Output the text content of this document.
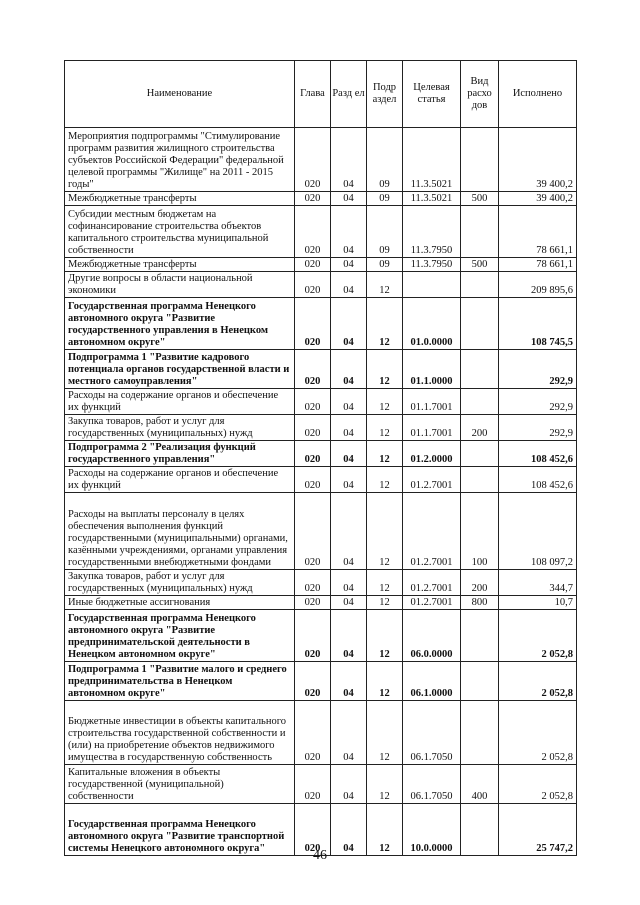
Наименование	Глава	Разд ел	Подр аздел	Целевая статья	Вид расхо дов	Исполнено
Мероприятия подпрограммы "Стимулирование программ развития жилищного строительства субъектов Российской Федерации" федеральной целевой программы "Жилище" на 2011 - 2015 годы"	020	04	09	11.3.5021		39 400,2
Межбюджетные трансферты	020	04	09	11.3.5021	500	39 400,2
Субсидии местным бюджетам на софинансирование строительства объектов капитального строительства муниципальной собственности	020	04	09	11.3.7950		78 661,1
Межбюджетные трансферты	020	04	09	11.3.7950	500	78 661,1
Другие вопросы в области национальной экономики	020	04	12			209 895,6
Государственная программа Ненецкого автономного округа "Развитие государственного управления в Ненецком автономном округе"	020	04	12	01.0.0000		108 745,5
Подпрограмма 1 "Развитие кадрового потенциала органов государственной власти и местного самоуправления"	020	04	12	01.1.0000		292,9
Расходы на содержание органов и обеспечение их функций	020	04	12	01.1.7001		292,9
Закупка товаров, работ и услуг для государственных (муниципальных) нужд	020	04	12	01.1.7001	200	292,9
Подпрограмма 2 "Реализация функций государственного управления"	020	04	12	01.2.0000		108 452,6
Расходы на содержание органов и обеспечение их функций	020	04	12	01.2.7001		108 452,6
Расходы на выплаты персоналу в целях обеспечения выполнения функций государственными (муниципальными) органами, казёнными учреждениями, органами управления государственными внебюджетными фондами	020	04	12	01.2.7001	100	108 097,2
Закупка товаров, работ и услуг для государственных (муниципальных) нужд	020	04	12	01.2.7001	200	344,7
Иные бюджетные ассигнования	020	04	12	01.2.7001	800	10,7
Государственная программа Ненецкого автономного округа "Развитие предпринимательской деятельности в Ненецком автономном округе"	020	04	12	06.0.0000		2 052,8
Подпрограмма 1 "Развитие малого и среднего предпринимательства в Ненецком автономном округе"	020	04	12	06.1.0000		2 052,8
Бюджетные инвестиции в объекты капитального строительства государственной собственности и (или) на приобретение объектов недвижимого имущества в государственную собственность	020	04	12	06.1.7050		2 052,8
Капитальные вложения в объекты государственной (муниципальной) собственности	020	04	12	06.1.7050	400	2 052,8
Государственная программа Ненецкого автономного округа "Развитие транспортной системы Ненецкого автономного округа"	020	04	12	10.0.0000		25 747,2
46
